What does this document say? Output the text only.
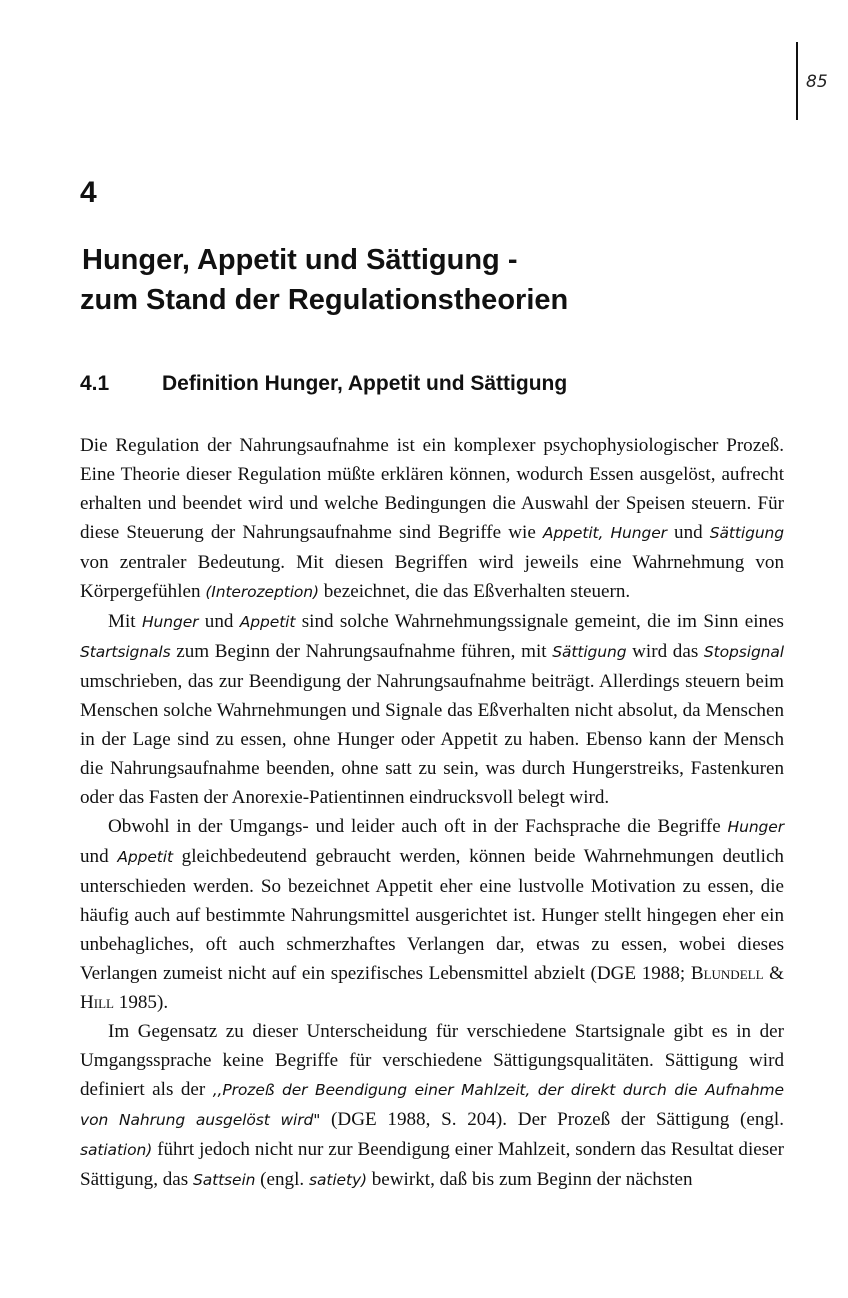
85
4
Hunger, Appetit und Sättigung -
zum Stand der Regulationstheorien
4.1	Definition Hunger, Appetit und Sättigung

Die Regulation der Nahrungsaufnahme ist ein komplexer psychophysiologischer Prozeß. Eine Theorie dieser Regulation müßte erklären können, wodurch Essen ausgelöst, aufrecht erhalten und beendet wird und welche Bedingungen die Auswahl der Speisen steuern. Für diese Steuerung der Nahrungsaufnahme sind Begriffe wie Appetit, Hunger und Sättigung von zentraler Bedeutung. Mit diesen Begriffen wird jeweils eine Wahrnehmung von Körpergefühlen (Interozeption) bezeichnet, die das Eßverhalten steuern.

Mit Hunger und Appetit sind solche Wahrnehmungssignale gemeint, die im Sinn eines Startsignals zum Beginn der Nahrungsaufnahme führen, mit Sättigung wird das Stopsignal umschrieben, das zur Beendigung der Nahrungsaufnahme beiträgt. Allerdings steuern beim Menschen solche Wahrnehmungen und Signale das Eßverhalten nicht absolut, da Menschen in der Lage sind zu essen, ohne Hunger oder Appetit zu haben. Ebenso kann der Mensch die Nahrungsaufnahme beenden, ohne satt zu sein, was durch Hungerstreiks, Fastenkuren oder das Fasten der Anorexie-Patientinnen eindrucksvoll belegt wird.

Obwohl in der Umgangs- und leider auch oft in der Fachsprache die Begriffe Hunger und Appetit gleichbedeutend gebraucht werden, können beide Wahrnehmungen deutlich unterschieden werden. So bezeichnet Appetit eher eine lustvolle Motivation zu essen, die häufig auch auf bestimmte Nahrungsmittel ausgerichtet ist. Hunger stellt hingegen eher ein unbehagliches, oft auch schmerzhaftes Verlangen dar, etwas zu essen, wobei dieses Verlangen zumeist nicht auf ein spezifisches Lebensmittel abzielt (DGE 1988; Blundell & Hill 1985).

Im Gegensatz zu dieser Unterscheidung für verschiedene Startsignale gibt es in der Umgangssprache keine Begriffe für verschiedene Sättigungsqualitäten. Sättigung wird definiert als der ,,Prozeß der Beendigung einer Mahlzeit, der direkt durch die Aufnahme von Nahrung ausgelöst wird" (DGE 1988, S. 204). Der Prozeß der Sättigung (engl. satiation) führt jedoch nicht nur zur Beendigung einer Mahlzeit, sondern das Resultat dieser Sättigung, das Sattsein (engl. satiety) bewirkt, daß bis zum Beginn der nächsten
